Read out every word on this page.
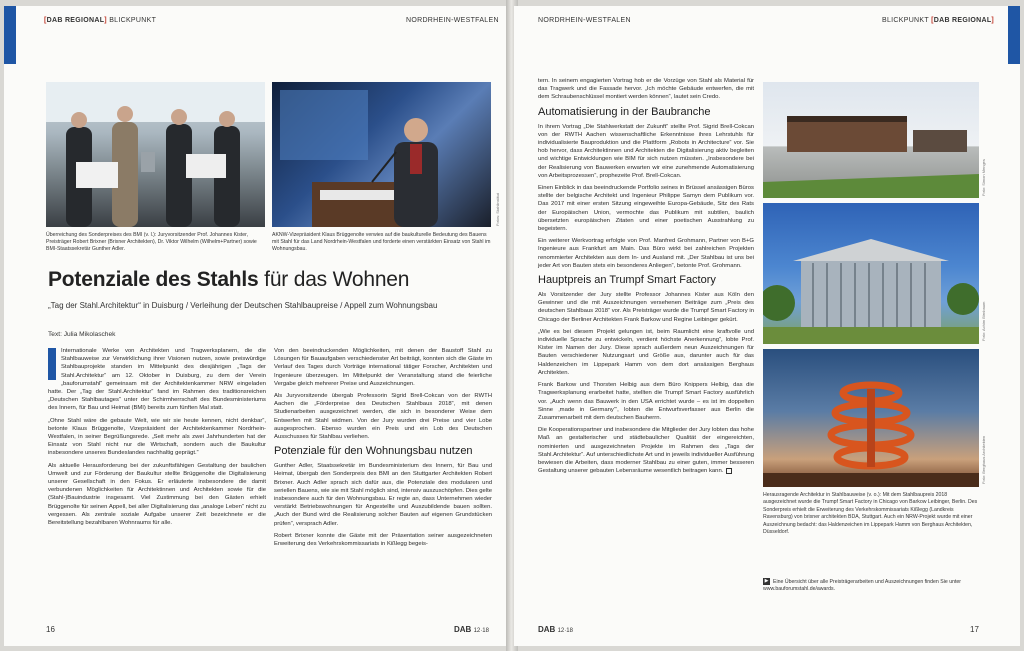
[DAB REGIONAL] BLICKPUNKT	NORDRHEIN-WESTFALEN
Überreichung des Sonderpreises des BMI (v. l.): Juryvorsitzender Prof. Johannes Kister, Preisträger Robert Brixner (Brixner Architekten), Dr. Viktor Wilhelm (Wilhelm+Partner) sowie BMI-Staatssekretär Gunther Adler.
Fotos: Stahlinstitut
AKNW-Vizepräsident Klaus Brüggenolte verwies auf die baukulturelle Bedeutung des Bauens mit Stahl für das Land Nordrhein-Westfalen und forderte einen verstärkten Einsatz von Stahl im Wohnungsbau.
Potenziale des Stahls für das Wohnen
„Tag der Stahl.Architektur“ in Duisburg / Verleihung der Deutschen Stahlbaupreise / Appell zum Wohnungsbau
Text: Julia Mikolaschek

Internationale Werke von Architekten und Tragwerksplanern, die die Stahlbauweise zur Verwirklichung ihrer Visionen nutzen, sowie preiswürdige Stahlbauprojekte standen im Mittelpunkt des diesjährigen „Tags der Stahl.Architektur“ am 12. Oktober in Duisburg, zu dem der Verein „bauforumstahl“ gemeinsam mit der Architektenkammer NRW eingeladen hatte. Der „Tag der Stahl.Architektur“ fand im Rahmen des traditionsreichen „Deutschen Stahlbautages“ unter der Schirmherrschaft des Bundesministeriums des Innern, für Bau und Heimat (BMI) bereits zum fünften Mal statt.

„Ohne Stahl wäre die gebaute Welt, wie wir sie heute kennen, nicht denkbar“, betonte Klaus Brüggenolte, Vizepräsident der Architektenkammer Nordrhein-Westfalen, in seiner Begrüßungsrede. „Seit mehr als zwei Jahrhunderten hat der Einsatz von Stahl nicht nur die Wirtschaft, sondern auch die Baukultur insbesondere unseres Bundeslandes nachhaltig geprägt.“

Als aktuelle Herausforderung bei der zukunftsfähigen Gestaltung der baulichen Umwelt und zur Förderung der Baukultur stellte Brüggenolte die Digitalisierung unserer Gesellschaft in den Fokus. Er erläuterte insbesondere die damit verbundenen Möglichkeiten für Architektinnen und Architekten sowie für die (Stahl-)Bauindustrie insgesamt. Viel Zustimmung bei den Gästen erhielt Brüggenolte für seinen Appell, bei aller Digitalisierung das „analoge Leben“ nicht zu vergessen. Als zentrale soziale Aufgabe unserer Zeit bezeichnete er die Bereitstellung bezahlbaren Wohnraums für alle.

Von den beeindruckenden Möglichkeiten, mit denen der Baustoff Stahl zu Lösungen für Bauaufgaben verschiedenster Art beiträgt, konnten sich die Gäste im Verlauf des Tages durch Vorträge international tätiger Forscher, Architekten und Ingenieure überzeugen. Im Mittelpunkt der Veranstaltung stand die feierliche Vergabe gleich mehrerer Preise und Auszeichnungen.

Als Juryvorsitzende übergab Professorin Sigrid Brell-Cokcan von der RWTH Aachen die „Förderpreise des Deutschen Stahlbaus 2018“, mit denen Studienarbeiten ausgezeichnet werden, die sich in besonderer Weise dem Entwerfen mit Stahl widmen. Von der Jury wurden drei Preise und vier Lobe ausgesprochen. Ebenso wurden ein Preis und ein Lob des Deutschen Ausschusses für Stahlbau verliehen.

Potenziale für den Wohnungsbau nutzen

Gunther Adler, Staatssekretär im Bundesministerium des Innern, für Bau und Heimat, übergab den Sonderpreis des BMI an den Stuttgarter Architekten Robert Brixner. Auch Adler sprach sich dafür aus, die Potenziale des modularen und seriellen Bauens, wie sie mit Stahl möglich sind, intensiv auszuschöpfen. Dies gelte insbesondere auch für den Wohnungsbau. Er regte an, dass Unternehmen wieder verstärkt Betriebswohnungen für Angestellte und Auszubildende bauen sollten. „Auch der Bund wird die Realisierung solcher Bauten auf eigenen Grundstücken prüfen“, versprach Adler.

Robert Brixner konnte die Gäste mit der Präsentation seiner ausgezeichneten Erweiterung des Verkehrskommissariats in Kißlegg begeis-

16	DAB 12·18
NORDRHEIN-WESTFALEN	BLICKPUNKT [DAB REGIONAL]

tern. In seinem engagierten Vortrag hob er die Vorzüge von Stahl als Material für das Tragwerk und die Fassade hervor. „Ich möchte Gebäude entwerfen, die mit dem Schraubenschlüssel montiert werden können“, lautet sein Credo.

Automatisierung in der Baubranche

In ihrem Vortrag „Die Stahlwerkstatt der Zukunft“ stellte Prof. Sigrid Brell-Cokcan von der RWTH Aachen wissenschaftliche Erkenntnisse ihres Lehrstuhls für individualisierte Bauproduktion und die Plattform „Robots in Architecture“ vor. Sie hob hervor, dass Architektinnen und Architekten die Digitalisierung aktiv begleiten und wichtige Entwicklungen wie BIM für sich nutzen müssten. „Insbesondere bei der Realisierung von Bauwerken erwarten wir eine zunehmende Automatisierung von Arbeitsprozessen“, prophezeite Prof. Brell-Cokcan.

Einen Einblick in das beeindruckende Portfolio seines in Brüssel ansässigen Büros stellte der belgische Architekt und Ingenieur Philippe Samyn dem Publikum vor. Das 2017 mit einer ersten Sitzung eingeweihte Europa-Gebäude, Sitz des Rats der Europäischen Union, vermochte das Publikum mit subtilen, baulich übersetzten europäischen Zitaten und einer poetischen Ausstrahlung zu begeistern.

Ein weiterer Werkvortrag erfolgte von Prof. Manfred Grohmann, Partner von B+G Ingenieure aus Frankfurt am Main. Das Büro wirkt bei zahlreichen Projekten renommierter Architekten aus dem In- und Ausland mit. „Der Stahlbau ist uns bei jeder Art von Bauten stets ein besonderes Anliegen“, betonte Prof. Grohmann.

Hauptpreis an Trumpf Smart Factory

Als Vorsitzender der Jury stellte Professor Johannes Kister aus Köln den Gewinner und die mit Auszeichnungen versehenen Beiträge zum „Preis des deutschen Stahlbaus 2018“ vor. Als Preisträger wurde die Trumpf Smart Factory in Chicago der Berliner Architekten Frank Barkow und Regine Leibinger gekürt.

„Wie es bei diesem Projekt gelungen ist, beim Raumlicht eine kraftvolle und individuelle Sprache zu entwickeln, verdient höchste Anerkennung“, lobte Prof. Kister im Namen der Jury. Diese sprach außerdem neun Auszeichnungen für Bauten verschiedener Nutzungsart und Größe aus, darunter auch für das Haldenzeichen im Lippepark Hamm von dem dort ansässigen Berghaus Architekten.

Frank Barkow und Thorsten Helbig aus dem Büro Knippers Helbig, das die Tragwerksplanung erarbeitet hatte, stellten die Trumpf Smart Factory ausführlich vor. „Auch wenn das Bauwerk in den USA errichtet wurde – es ist im doppelten Sinne ‚made in Germany‘“, lobten die Entwurfsverfasser aus Berlin die Zusammenarbeit mit dem deutschen Bauherrn.

Die Kooperationspartner und insbesondere die Mitglieder der Jury lobten das hohe Maß an gestalterischer und städtebaulicher Qualität der eingereichten, nominierten und ausgezeichneten Projekte im Rahmen des „Tags der Stahl.Architektur“. Auf unterschiedlichste Art und in jeweils individueller Ausführung bewiesen die Arbeiten, dass moderner Stahlbau zu einer guten, immer besseren Gestaltung unserer gebauten Lebensräume wesentlich beitragen kann.

Foto: Simon Menges
Foto: Achim Birnbaum
Foto: Berghaus Architekten
Herausragende Architektur in Stahlbauweise (v. o.): Mit dem Stahlbaupreis 2018 ausgezeichnet wurde die Trumpf Smart Factory in Chicago von Barkow Leibinger, Berlin. Des Sonderpreis erhielt die Erweiterung des Verkehrskommissariats Kißlegg (Landkreis Ravensburg) von brixner architekten BDA, Stuttgart. Auch ein NRW-Projekt wurde mit einer Auszeichnung bedacht: das Haldenzeichen im Lippepark Hamm von Berghaus Architekten, Düsseldorf.
▶ Eine Übersicht über alle Preisträgerarbeiten und Auszeichnungen finden Sie unter www.bauforumstahl.de/awards.
DAB 12·18	17
